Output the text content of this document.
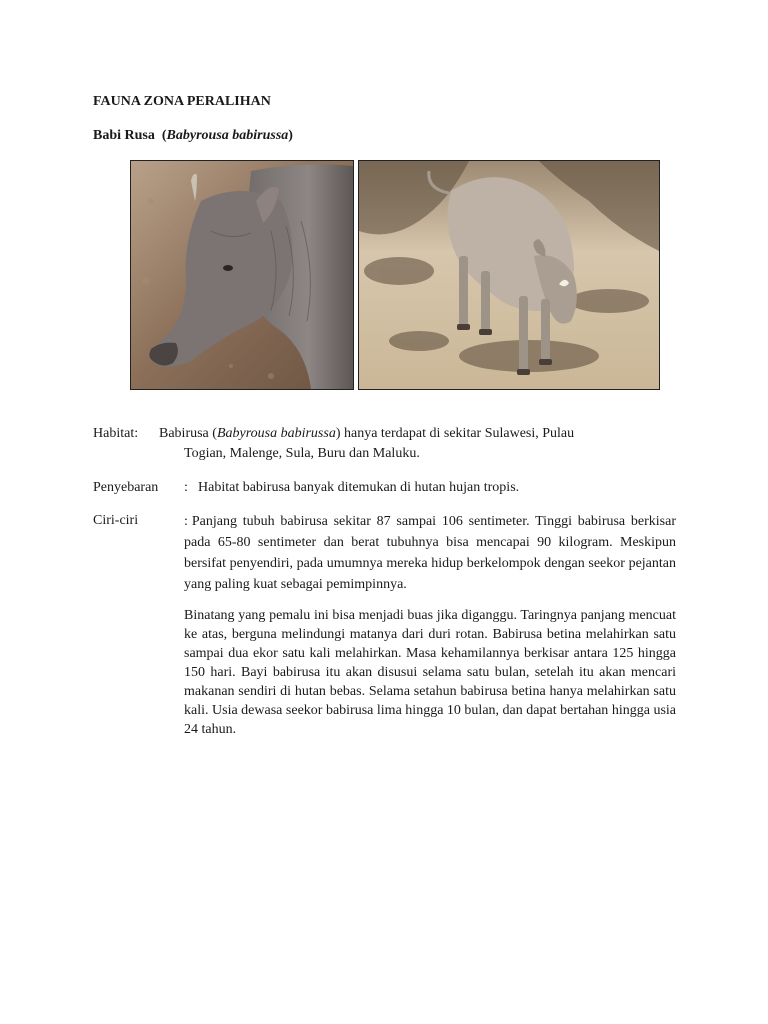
FAUNA ZONA PERALIHAN
Babi Rusa (Babyrousa babirussa)
Habitat: Babirusa (Babyrousa babirussa) hanya terdapat di sekitar Sulawesi, Pulau
Togian, Malenge, Sula, Buru dan Maluku.
Penyebaran : Habitat babirusa banyak ditemukan di hutan hujan tropis.
Ciri-ciri	: Panjang tubuh babirusa sekitar 87 sampai 106 sentimeter. Tinggi babirusa berkisar pada 65-80 sentimeter dan berat tubuhnya bisa mencapai 90 kilogram. Meskipun bersifat penyendiri, pada umumnya mereka hidup berkelompok dengan seekor pejantan yang paling kuat sebagai pemimpinnya.
Binatang yang pemalu ini bisa menjadi buas jika diganggu. Taringnya panjang mencuat ke atas, berguna melindungi matanya dari duri rotan. Babirusa betina melahirkan satu sampai dua ekor satu kali melahirkan. Masa kehamilannya berkisar antara 125 hingga 150 hari. Bayi babirusa itu akan disusui selama satu bulan, setelah itu akan mencari makanan sendiri di hutan bebas. Selama setahun babirusa betina hanya melahirkan satu kali. Usia dewasa seekor babirusa lima hingga 10 bulan, dan dapat bertahan hingga usia 24 tahun.
